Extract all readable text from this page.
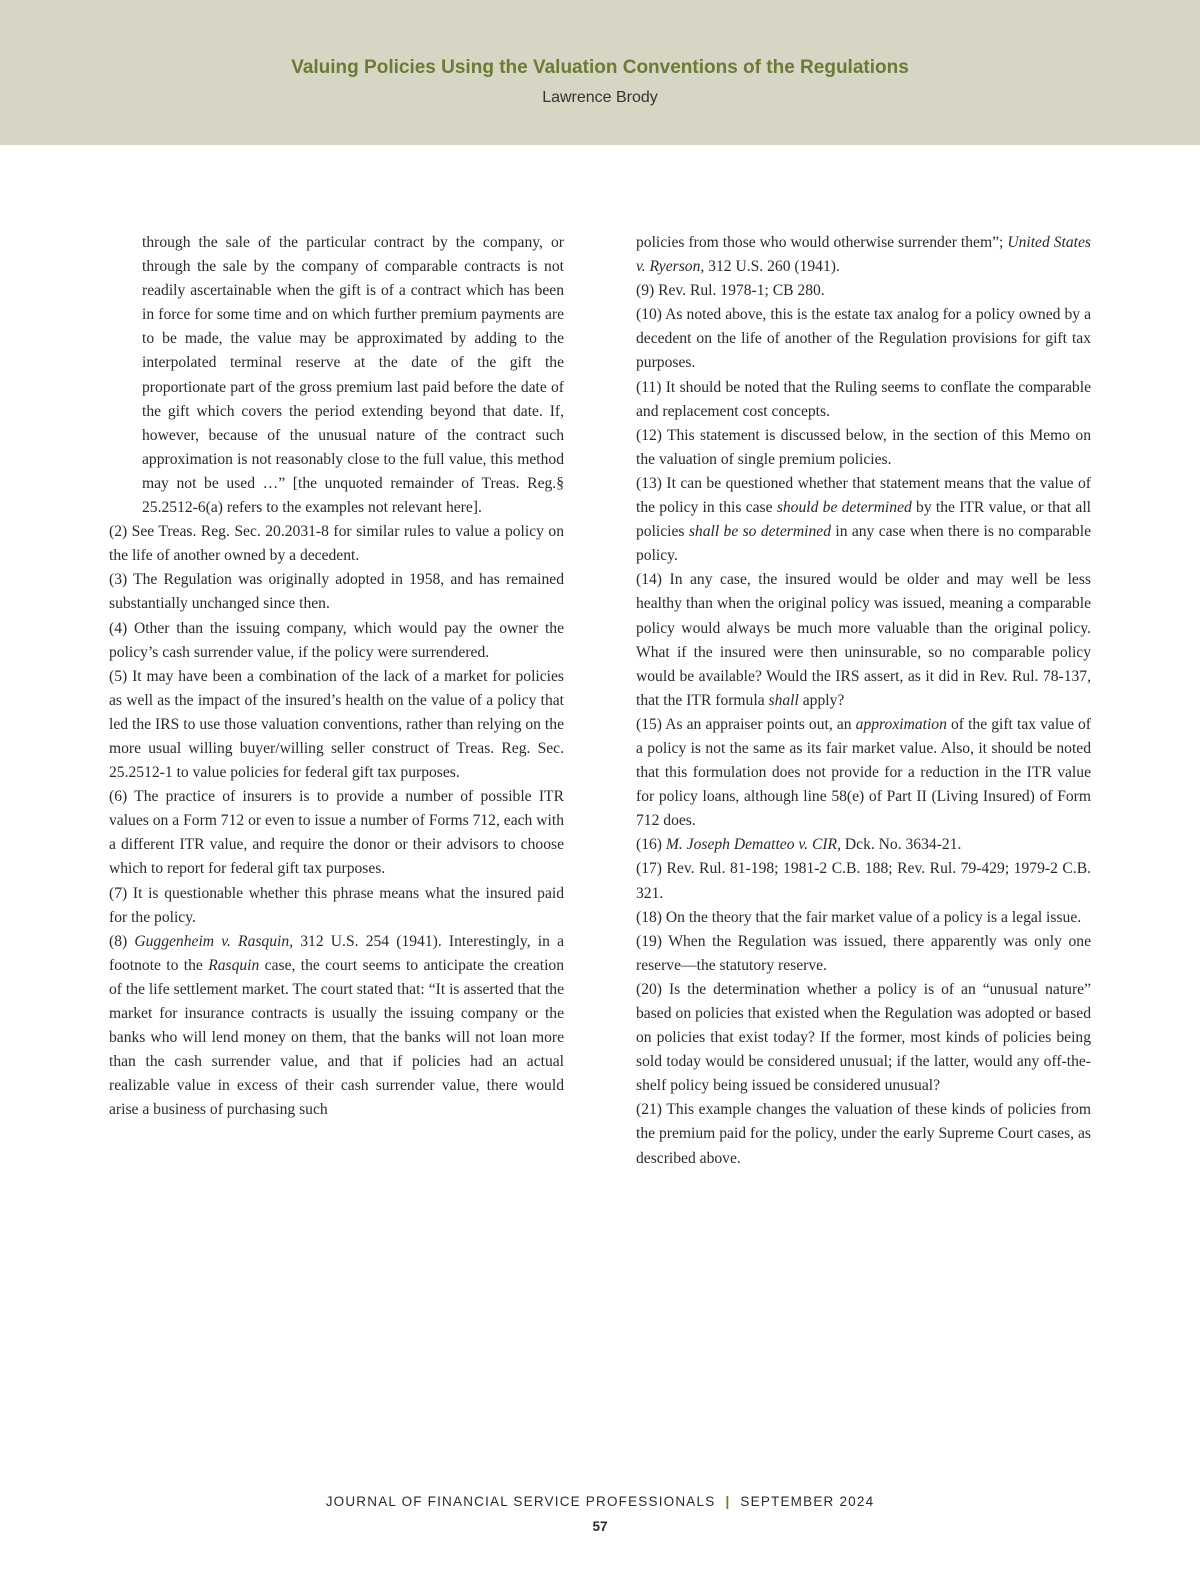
Valuing Policies Using the Valuation Conventions of the Regulations

Lawrence Brody

through the sale of the particular contract by the company, or through the sale by the company of comparable contracts is not readily ascertainable when the gift is of a contract which has been in force for some time and on which further premium payments are to be made, the value may be approximated by adding to the interpolated terminal reserve at the date of the gift the proportionate part of the gross premium last paid before the date of the gift which covers the period extending beyond that date. If, however, because of the unusual nature of the contract such approximation is not reasonably close to the full value, this method may not be used …” [the unquoted remainder of Treas. Reg.§ 25.2512-6(a) refers to the examples not relevant here].

(2) See Treas. Reg. Sec. 20.2031-8 for similar rules to value a policy on the life of another owned by a decedent.

(3) The Regulation was originally adopted in 1958, and has remained substantially unchanged since then.

(4) Other than the issuing company, which would pay the owner the policy’s cash surrender value, if the policy were surrendered.

(5) It may have been a combination of the lack of a market for policies as well as the impact of the insured’s health on the value of a policy that led the IRS to use those valuation conventions, rather than relying on the more usual willing buyer/willing seller construct of Treas. Reg. Sec. 25.2512-1 to value policies for federal gift tax purposes.

(6) The practice of insurers is to provide a number of possible ITR values on a Form 712 or even to issue a number of Forms 712, each with a different ITR value, and require the donor or their advisors to choose which to report for federal gift tax purposes.

(7) It is questionable whether this phrase means what the insured paid for the policy.

(8) Guggenheim v. Rasquin, 312 U.S. 254 (1941). Interestingly, in a footnote to the Rasquin case, the court seems to anticipate the creation of the life settlement market. The court stated that: “It is asserted that the market for insurance contracts is usually the issuing company or the banks who will lend money on them, that the banks will not loan more than the cash surrender value, and that if policies had an actual realizable value in excess of their cash surrender value, there would arise a business of purchasing such

policies from those who would otherwise surrender them”; United States v. Ryerson, 312 U.S. 260 (1941).

(9) Rev. Rul. 1978-1; CB 280.

(10) As noted above, this is the estate tax analog for a policy owned by a decedent on the life of another of the Regulation provisions for gift tax purposes.

(11) It should be noted that the Ruling seems to conflate the comparable and replacement cost concepts.

(12) This statement is discussed below, in the section of this Memo on the valuation of single premium policies.

(13) It can be questioned whether that statement means that the value of the policy in this case should be determined by the ITR value, or that all policies shall be so determined in any case when there is no comparable policy.

(14) In any case, the insured would be older and may well be less healthy than when the original policy was issued, meaning a comparable policy would always be much more valuable than the original policy. What if the insured were then uninsurable, so no comparable policy would be available? Would the IRS assert, as it did in Rev. Rul. 78-137, that the ITR formula shall apply?

(15) As an appraiser points out, an approximation of the gift tax value of a policy is not the same as its fair market value. Also, it should be noted that this formulation does not provide for a reduction in the ITR value for policy loans, although line 58(e) of Part II (Living Insured) of Form 712 does.

(16) M. Joseph Dematteo v. CIR, Dck. No. 3634-21.

(17) Rev. Rul. 81-198; 1981-2 C.B. 188; Rev. Rul. 79-429; 1979-2 C.B. 321.

(18) On the theory that the fair market value of a policy is a legal issue.

(19) When the Regulation was issued, there apparently was only one reserve—the statutory reserve.

(20) Is the determination whether a policy is of an “unusual nature” based on policies that existed when the Regulation was adopted or based on policies that exist today? If the former, most kinds of policies being sold today would be considered unusual; if the latter, would any off-the-shelf policy being issued be considered unusual?

(21) This example changes the valuation of these kinds of policies from the premium paid for the policy, under the early Supreme Court cases, as described above.

JOURNAL OF FINANCIAL SERVICE PROFESSIONALS | SEPTEMBER 2024

57
